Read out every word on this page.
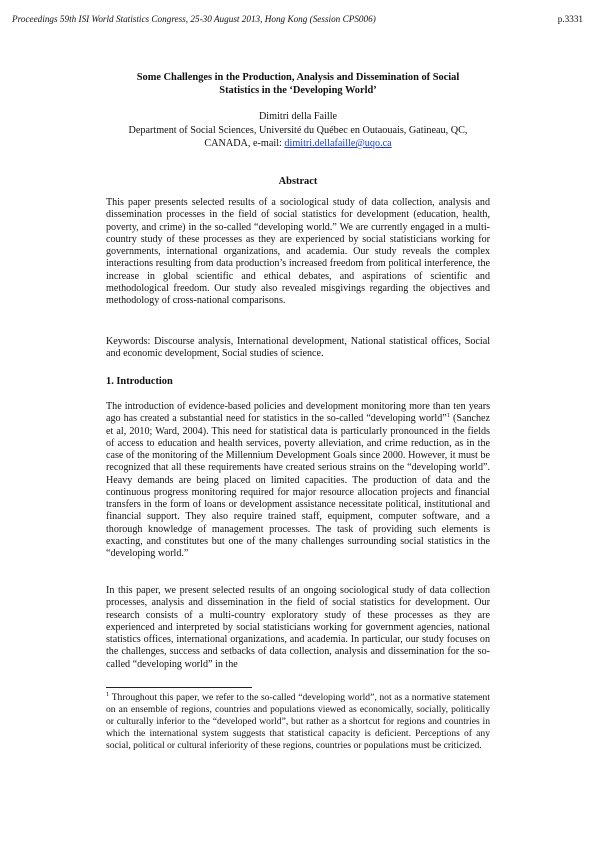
Proceedings 59th ISI World Statistics Congress, 25-30 August 2013, Hong Kong (Session CPS006)	p.3331
Some Challenges in the Production, Analysis and Dissemination of Social
Statistics in the ‘Developing World’
Dimitri della Faille
Department of Social Sciences, Université du Québec en Outaouais, Gatineau, QC,
CANADA, e-mail: dimitri.dellafaille@uqo.ca
Abstract
This paper presents selected results of a sociological study of data collection, analysis and dissemination processes in the field of social statistics for development (education, health, poverty, and crime) in the so-called “developing world.” We are currently engaged in a multi-country study of these processes as they are experienced by social statisticians working for governments, international organizations, and academia. Our study reveals the complex interactions resulting from data production’s increased freedom from political interference, the increase in global scientific and ethical debates, and aspirations of scientific and methodological freedom. Our study also revealed misgivings regarding the objectives and methodology of cross-national comparisons.
Keywords: Discourse analysis, International development, National statistical offices, Social and economic development, Social studies of science.
1. Introduction
The introduction of evidence-based policies and development monitoring more than ten years ago has created a substantial need for statistics in the so-called “developing world”$^1$ (Sanchez et al, 2010; Ward, 2004). This need for statistical data is particularly pronounced in the fields of access to education and health services, poverty alleviation, and crime reduction, as in the case of the monitoring of the Millennium Development Goals since 2000. However, it must be recognized that all these requirements have created serious strains on the “developing world”. Heavy demands are being placed on limited capacities. The production of data and the continuous progress monitoring required for major resource allocation projects and financial transfers in the form of loans or development assistance necessitate political, institutional and financial support. They also require trained staff, equipment, computer software, and a thorough knowledge of management processes. The task of providing such elements is exacting, and constitutes but one of the many challenges surrounding social statistics in the “developing world.”
In this paper, we present selected results of an ongoing sociological study of data collection processes, analysis and dissemination in the field of social statistics for development. Our research consists of a multi-country exploratory study of these processes as they are experienced and interpreted by social statisticians working for government agencies, national statistics offices, international organizations, and academia. In particular, our study focuses on the challenges, success and setbacks of data collection, analysis and dissemination for the so-called “developing world” in the
$^1$ Throughout this paper, we refer to the so-called “developing world”, not as a normative statement on an ensemble of regions, countries and populations viewed as economically, socially, politically or culturally inferior to the “developed world”, but rather as a shortcut for regions and countries in which the international system suggests that statistical capacity is deficient. Perceptions of any social, political or cultural inferiority of these regions, countries or populations must be criticized.
